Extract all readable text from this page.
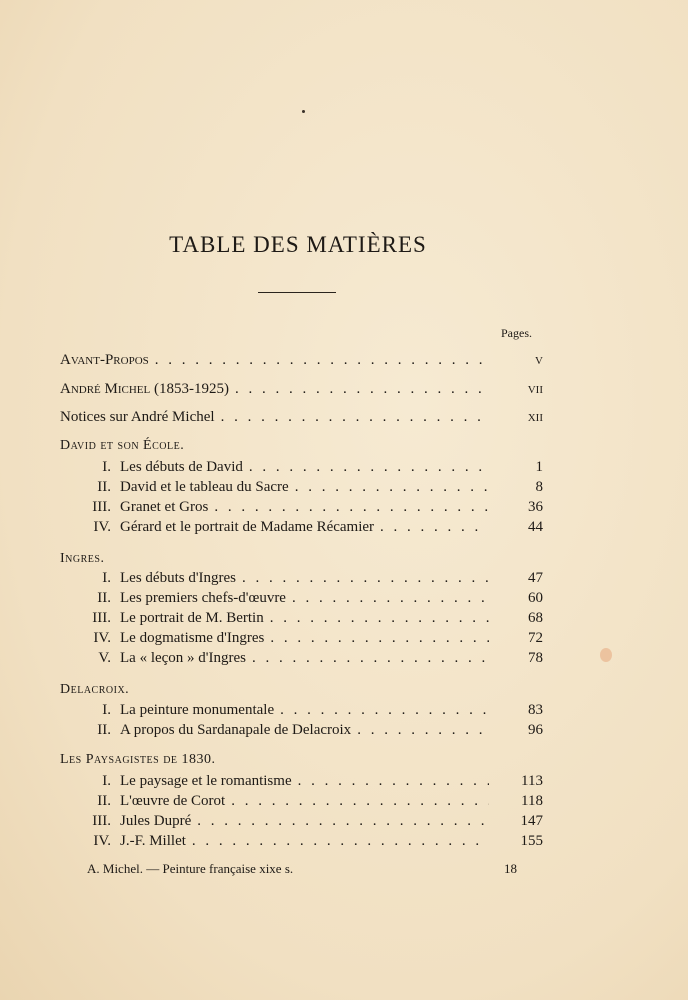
TABLE DES MATIÈRES
Pages.
Avant-Propos . . .	v
André Michel (1853-1925) . . .	vii
Notices sur André Michel . . .	xii
David et son École.
I. Les débuts de David . . .	1
II. David et le tableau du Sacre . . .	8
III. Granet et Gros . . .	36
IV. Gérard et le portrait de Madame Récamier . . .	44
Ingres.
I. Les débuts d'Ingres . . .	47
II. Les premiers chefs-d'œuvre . . .	60
III. Le portrait de M. Bertin . . .	68
IV. Le dogmatisme d'Ingres . . .	72
V. La « leçon » d'Ingres . . .	78
Delacroix.
I. La peinture monumentale . . .	83
II. A propos du Sardanapale de Delacroix . . .	96
Les Paysagistes de 1830.
I. Le paysage et le romantisme . . .	113
II. L'œuvre de Corot . . .	118
III. Jules Dupré . . .	147
IV. J.-F. Millet . . .	155
A. Michel. — Peinture française xixe s.	18
